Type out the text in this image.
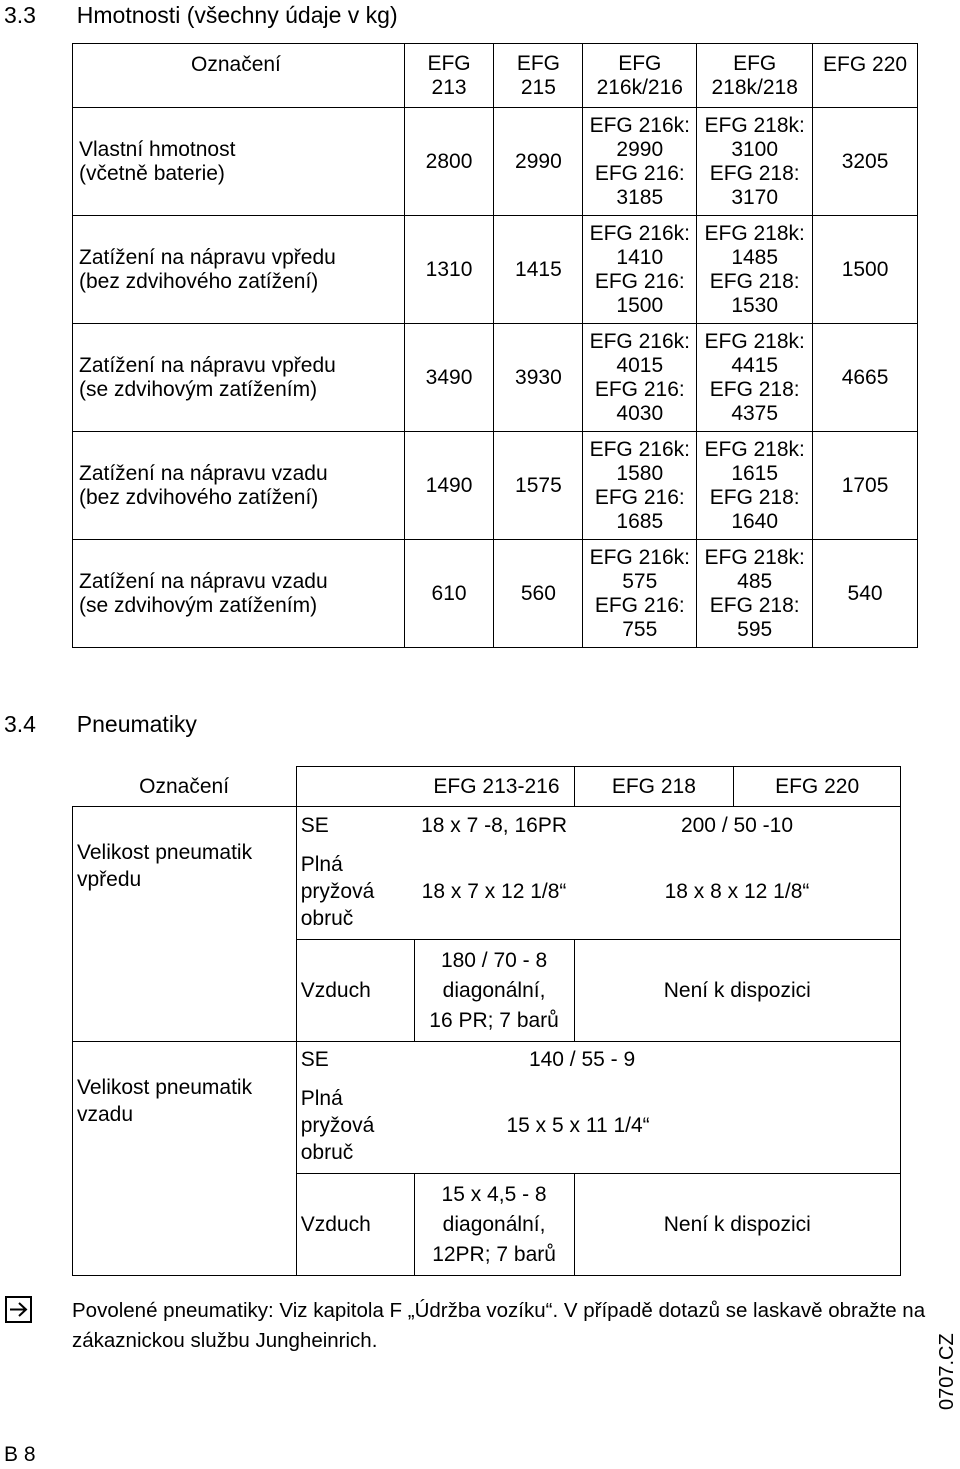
3.3 Hmotnosti (všechny údaje v kg)
Označení	EFG
213	EFG
215	EFG
216k/216	EFG
218k/218	EFG 220

Vlastní hmotnost
(včetně baterie)	2800	2990	EFG 216k:
2990
EFG 216:
3185	EFG 218k:
3100
EFG 218:
3170	3205

Zatížení na nápravu vpředu
(bez zdvihového zatížení)	1310	1415	EFG 216k:
1410
EFG 216:
1500	EFG 218k:
1485
EFG 218:
1530	1500

Zatížení na nápravu vpředu
(se zdvihovým zatížením)	3490	3930	EFG 216k:
4015
EFG 216:
4030	EFG 218k:
4415
EFG 218:
4375	4665

Zatížení na nápravu vzadu
(bez zdvihového zatížení)	1490	1575	EFG 216k:
1580
EFG 216:
1685	EFG 218k:
1615
EFG 218:
1640	1705

Zatížení na nápravu vzadu
(se zdvihovým zatížením)	610	560	EFG 216k:
575
EFG 216:
755	EFG 218k:
485
EFG 218:
595	540
3.4 Pneumatiky
Označení	EFG 213-216		EFG 218	EFG 220

Velikost pneumatik
vpředu	SE	18 x 7 -8, 16PR	200 / 50 -10	

	Plná
pryžová
obruč	18 x 7 x 12 1/8“	18 x 8 x 12 1/8“	
	Vzduch	180 / 70 - 8
diagonální,
16 PR; 7 barů	Není k dispozici	

Velikost pneumatik
vzadu	SE	140 / 55 - 9		

	Plná
pryžová
obruč	15 x 5 x 11 1/4“		
	Vzduch	15 x 4,5 - 8
diagonální,
12PR; 7 barů	Není k dispozici	
Povolené pneumatiky: Viz kapitola F „Údržba vozíku“. V případě dotazů se laskavě obražte na zákaznickou službu Jungheinrich.
B 8
0707.CZ
